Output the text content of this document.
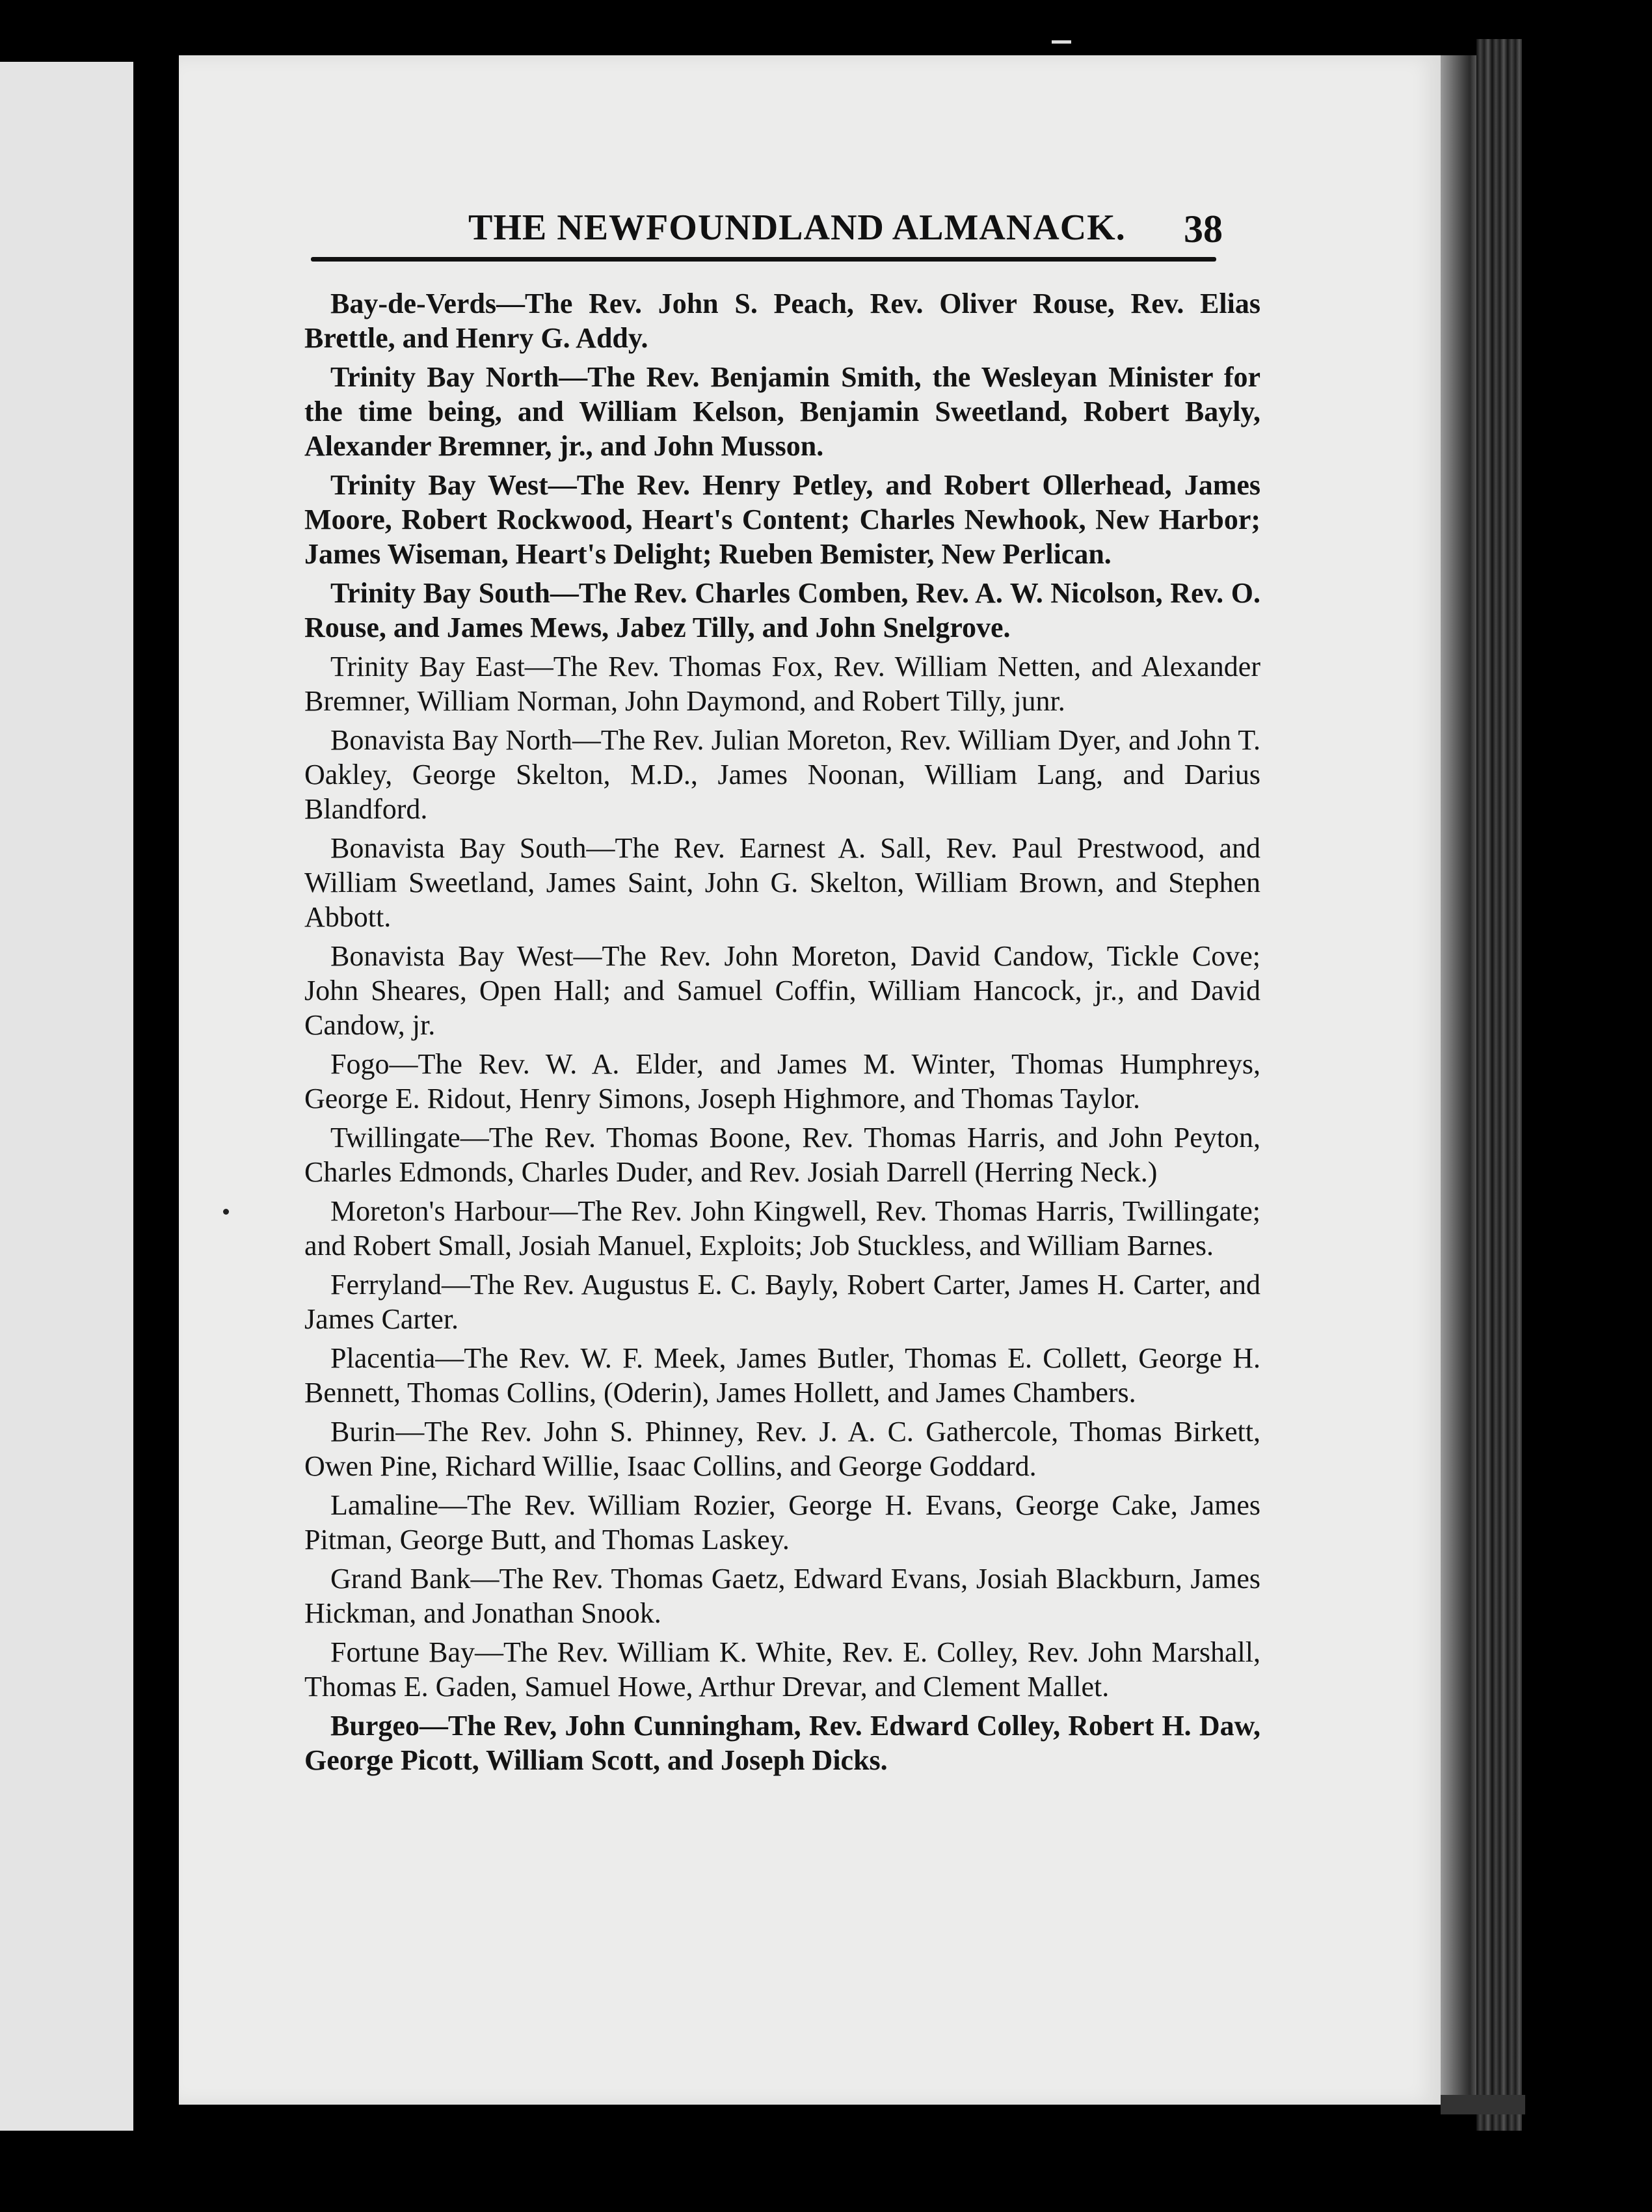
THE NEWFOUNDLAND ALMANACK. 38

Bay-de-Verds—The Rev. John S. Peach, Rev. Oliver Rouse, Rev. Elias Brettle, and Henry G. Addy.

Trinity Bay North—The Rev. Benjamin Smith, the Wesleyan Minister for the time being, and William Kelson, Benjamin Sweetland, Robert Bayly, Alexander Bremner, jr., and John Musson.

Trinity Bay West—The Rev. Henry Petley, and Robert Ollerhead, James Moore, Robert Rockwood, Heart's Content; Charles Newhook, New Harbor; James Wiseman, Heart's Delight; Rueben Bemister, New Perlican.

Trinity Bay South—The Rev. Charles Comben, Rev. A. W. Nicolson, Rev. O. Rouse, and James Mews, Jabez Tilly, and John Snelgrove.

Trinity Bay East—The Rev. Thomas Fox, Rev. William Netten, and Alexander Bremner, William Norman, John Daymond, and Robert Tilly, junr.

Bonavista Bay North—The Rev. Julian Moreton, Rev. William Dyer, and John T. Oakley, George Skelton, M.D., James Noonan, William Lang, and Darius Blandford.

Bonavista Bay South—The Rev. Earnest A. Sall, Rev. Paul Prestwood, and William Sweetland, James Saint, John G. Skelton, William Brown, and Stephen Abbott.

Bonavista Bay West—The Rev. John Moreton, David Candow, Tickle Cove; John Sheares, Open Hall; and Samuel Coffin, William Hancock, jr., and David Candow, jr.

Fogo—The Rev. W. A. Elder, and James M. Winter, Thomas Humphreys, George E. Ridout, Henry Simons, Joseph Highmore, and Thomas Taylor.

Twillingate—The Rev. Thomas Boone, Rev. Thomas Harris, and John Peyton, Charles Edmonds, Charles Duder, and Rev. Josiah Darrell (Herring Neck.)

Moreton's Harbour—The Rev. John Kingwell, Rev. Thomas Harris, Twillingate; and Robert Small, Josiah Manuel, Exploits; Job Stuckless, and William Barnes.

Ferryland—The Rev. Augustus E. C. Bayly, Robert Carter, James H. Carter, and James Carter.

Placentia—The Rev. W. F. Meek, James Butler, Thomas E. Collett, George H. Bennett, Thomas Collins, (Oderin), James Hollett, and James Chambers.

Burin—The Rev. John S. Phinney, Rev. J. A. C. Gathercole, Thomas Birkett, Owen Pine, Richard Willie, Isaac Collins, and George Goddard.

Lamaline—The Rev. William Rozier, George H. Evans, George Cake, James Pitman, George Butt, and Thomas Laskey.

Grand Bank—The Rev. Thomas Gaetz, Edward Evans, Josiah Blackburn, James Hickman, and Jonathan Snook.

Fortune Bay—The Rev. William K. White, Rev. E. Colley, Rev. John Marshall, Thomas E. Gaden, Samuel Howe, Arthur Drevar, and Clement Mallet.

Burgeo—The Rev, John Cunningham, Rev. Edward Colley, Robert H. Daw, George Picott, William Scott, and Joseph Dicks.
